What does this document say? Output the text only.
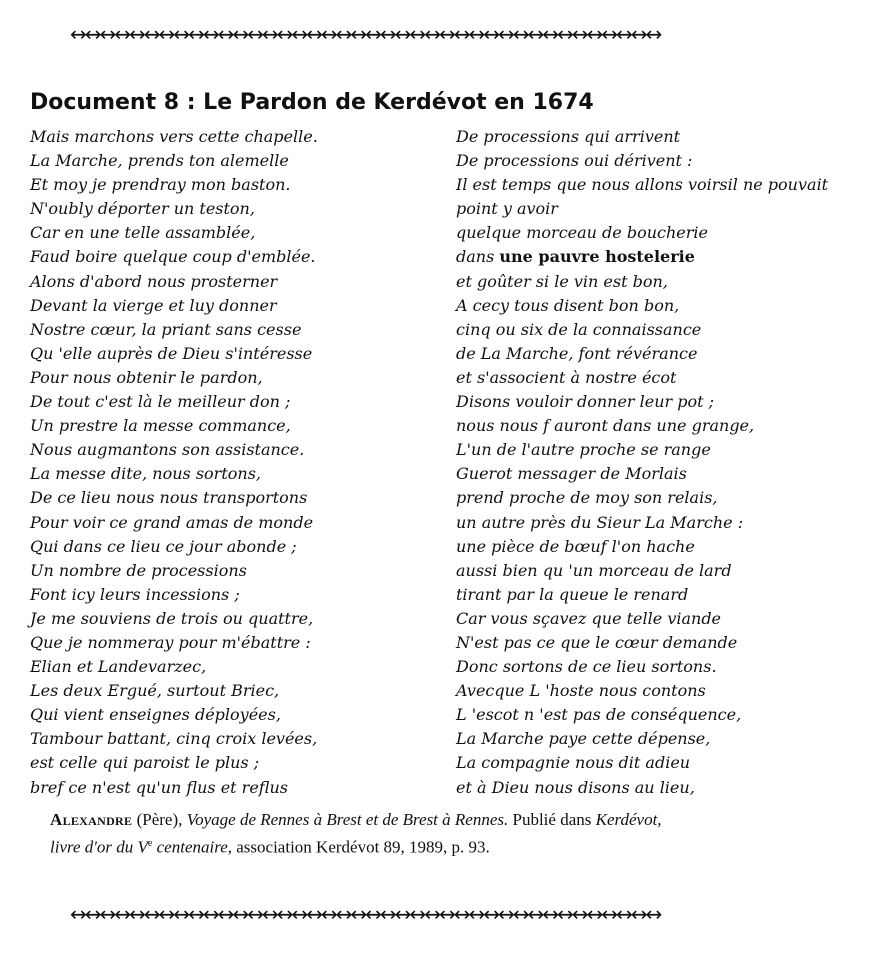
↔↔↔↔↔↔↔↔↔↔↔↔↔↔↔↔↔↔↔↔↔↔↔↔↔↔↔↔↔↔↔↔↔↔↔↔↔↔↔↔
Document 8 : Le Pardon de Kerdévot en 1674
Mais marchons vers cette chapelle.
La Marche, prends ton alemelle
Et moy je prendray mon baston.
N'oubly déporter un teston,
Car en une telle assamblée,
Faud boire quelque coup d'emblée.
Alons d'abord nous prosterner
Devant la vierge et luy donner
Nostre cœur, la priant sans cesse
Qu 'elle auprès de Dieu s'intéresse
Pour nous obtenir le pardon,
De tout c'est là le meilleur don ;
Un prestre la messe commance,
Nous augmantons son assistance.
La messe dite, nous sortons,
De ce lieu nous nous transportons
Pour voir ce grand amas de monde
Qui dans ce lieu ce jour abonde ;
Un nombre de processions
Font icy leurs incessions ;
Je me souviens de trois ou quattre,
Que je nommeray pour m'ébattre :
Elian et Landevarzec,
Les deux Ergué, surtout Briec,
Qui vient enseignes déployées,
Tambour battant, cinq croix levées,
est celle qui paroist le plus ;
bref ce n'est qu'un flus et reflus
De processions qui arrivent
De processions oui dérivent :
Il est temps que nous allons voirsil ne pouvait
point y avoir
quelque morceau de boucherie
dans une pauvre hostelerie
et goûter si le vin est bon,
A cecy tous disent bon bon,
cinq ou six de la connaissance
de La Marche, font révérance
et s'associent à nostre écot
Disons vouloir donner leur pot ;
nous nous f auront dans une grange,
L'un de l'autre proche se range
Guerot messager de Morlais
prend proche de moy son relais,
un autre près du Sieur La Marche :
une pièce de bœuf l'on hache
aussi bien qu 'un morceau de lard
tirant par la queue le renard
Car vous sçavez que telle viande
N'est pas ce que le cœur demande
Donc sortons de ce lieu sortons.
Avecque L 'hoste nous contons
L 'escot n 'est pas de conséquence,
La Marche paye cette dépense,
La compagnie nous dit adieu
et à Dieu nous disons au lieu,

Alexandre (Père), Voyage de Rennes à Brest et de Brest à Rennes. Publié dans Kerdévot,
livre d'or du Ve centenaire, association Kerdévot 89, 1989, p. 93.

↔↔↔↔↔↔↔↔↔↔↔↔↔↔↔↔↔↔↔↔↔↔↔↔↔↔↔↔↔↔↔↔↔↔↔↔↔↔↔↔
